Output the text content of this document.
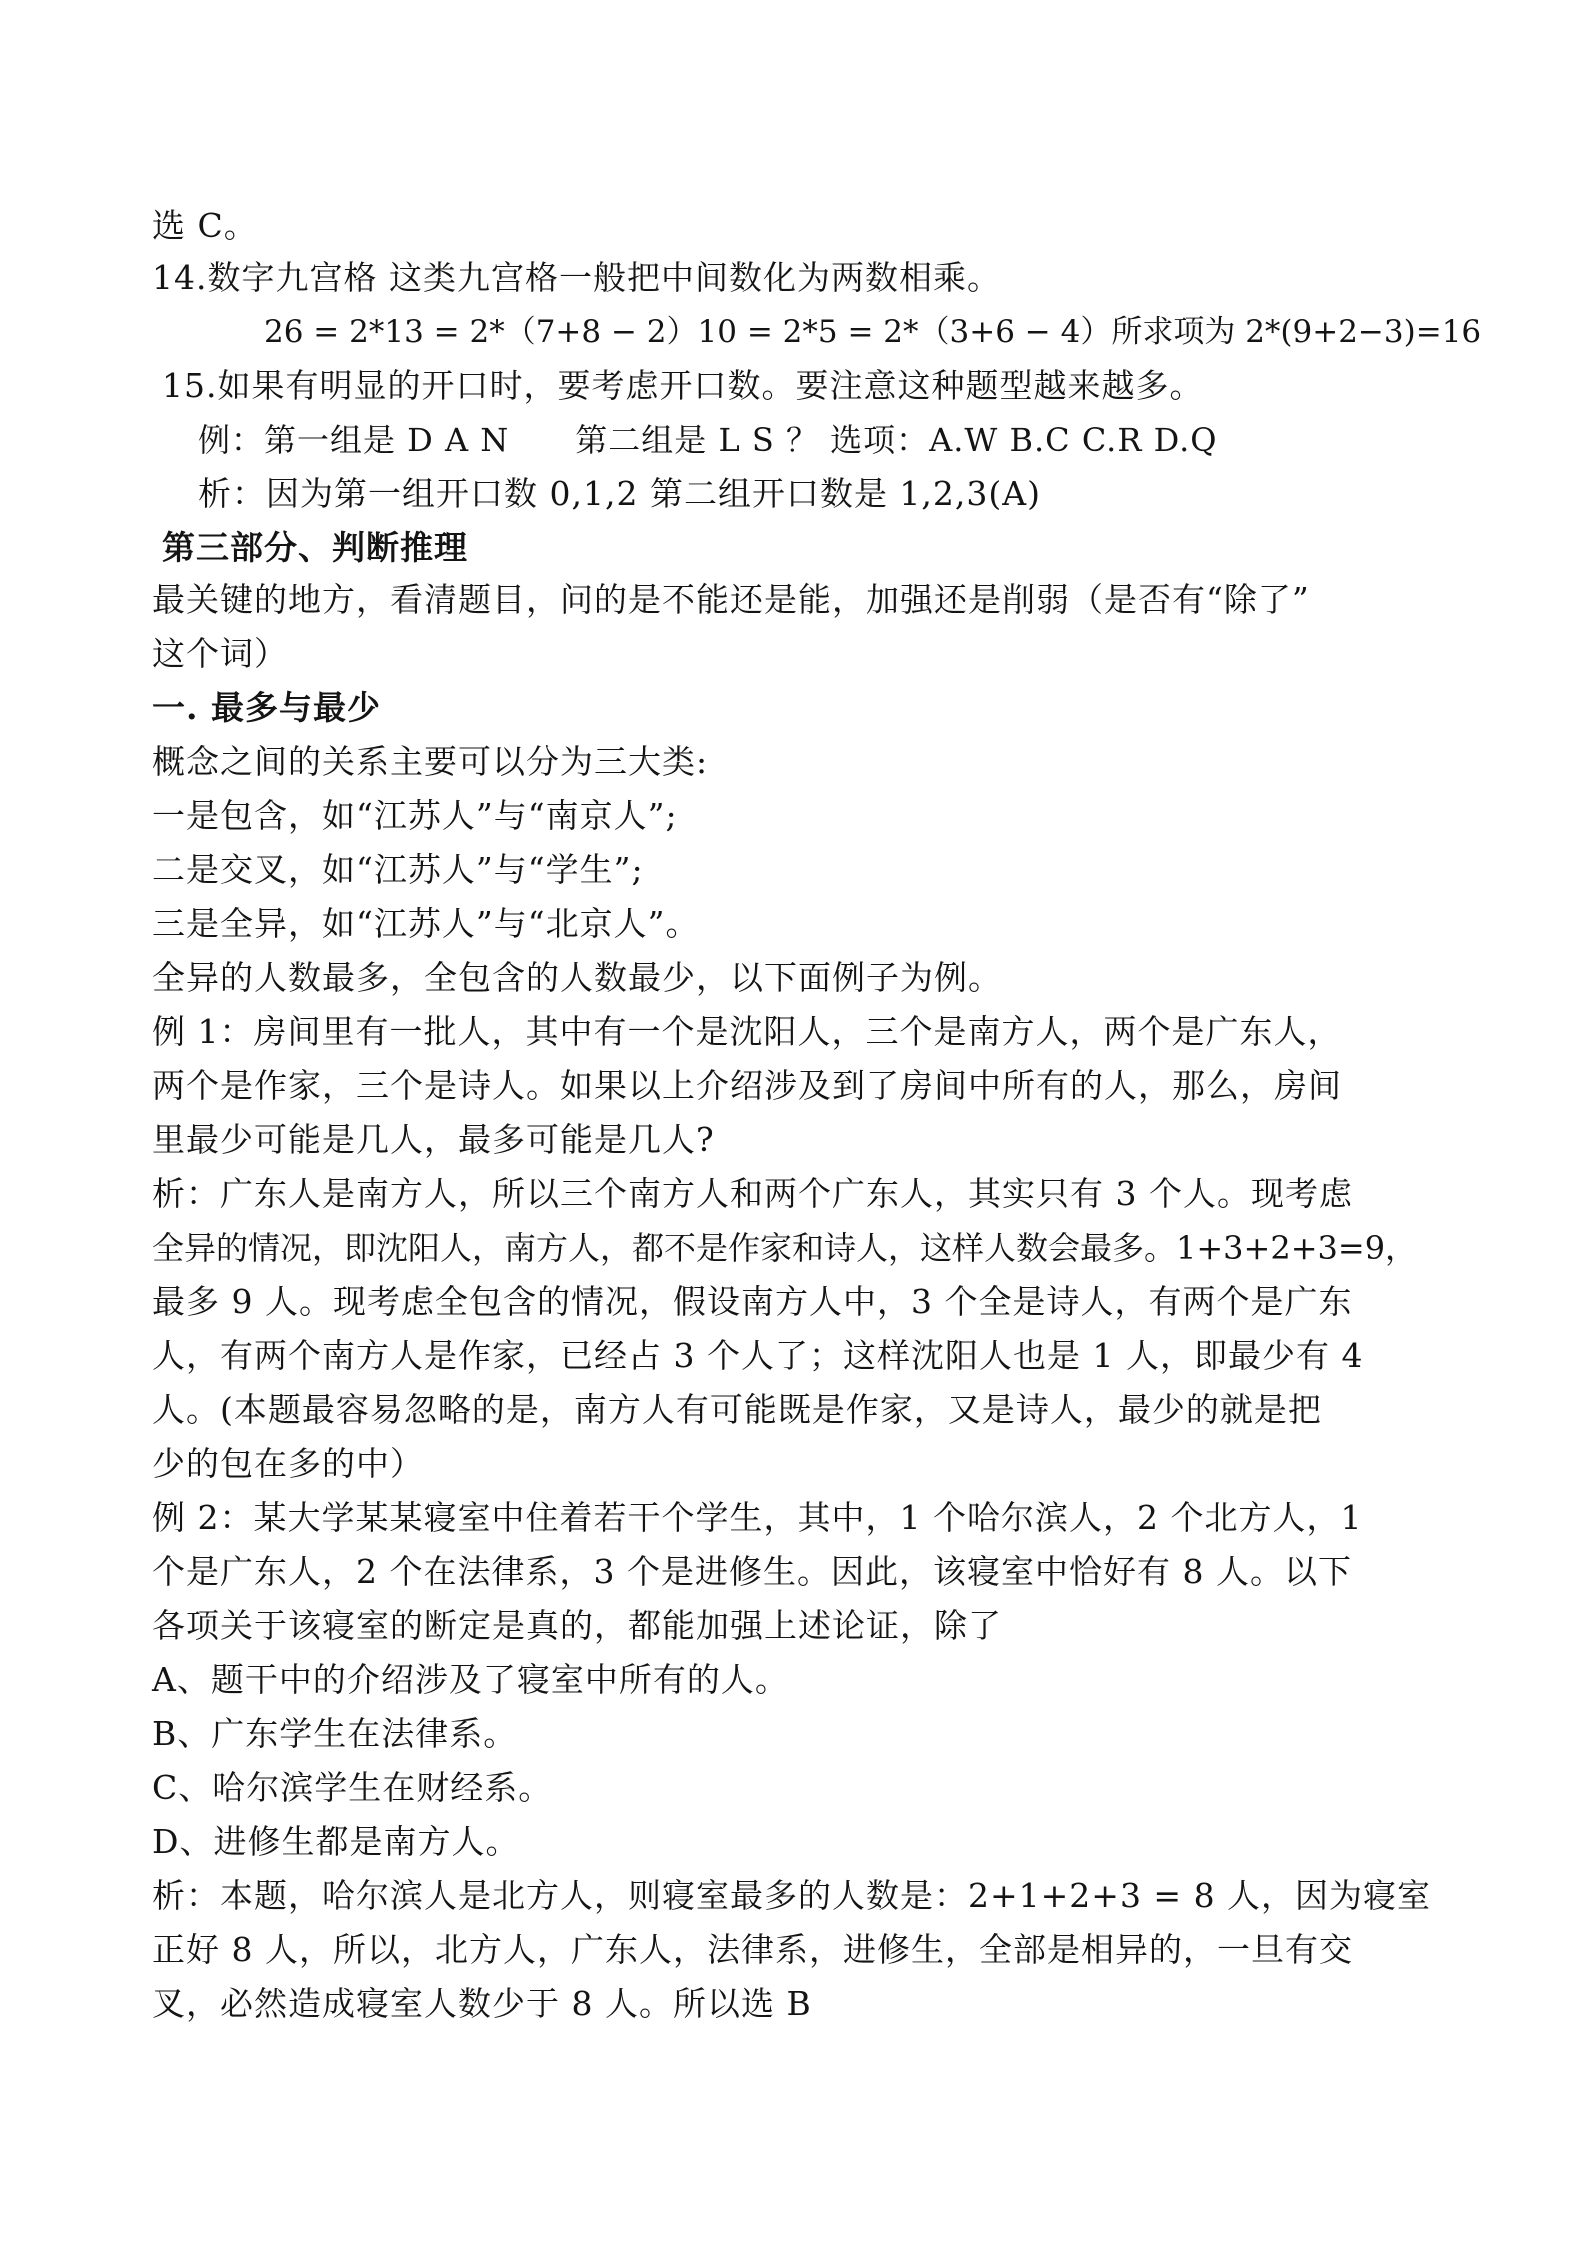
选 C。
14.数字九宫格 这类九宫格一般把中间数化为两数相乘。
26 = 2*13 = 2*（7+8 − 2）10 = 2*5 = 2*（3+6 − 4）所求项为 2*(9+2−3)=16
15.如果有明显的开口时，要考虑开口数。要注意这种题型越来越多。
例：第一组是 D A N　　第二组是 L S ？ 选项：A.W B.C C.R D.Q
析：因为第一组开口数 0,1,2 第二组开口数是 1,2,3(A)
第三部分、判断推理
最关键的地方，看清题目，问的是不能还是能，加强还是削弱（是否有“除了”
这个词）
一. 最多与最少
概念之间的关系主要可以分为三大类:
一是包含，如“江苏人”与“南京人”;
二是交叉，如“江苏人”与“学生”;
三是全异，如“江苏人”与“北京人”。
全异的人数最多，全包含的人数最少，以下面例子为例。
例 1：房间里有一批人，其中有一个是沈阳人，三个是南方人，两个是广东人，
两个是作家，三个是诗人。如果以上介绍涉及到了房间中所有的人，那么，房间
里最少可能是几人，最多可能是几人?
析：广东人是南方人，所以三个南方人和两个广东人，其实只有 3 个人。现考虑
全异的情况，即沈阳人，南方人，都不是作家和诗人，这样人数会最多。1+3+2+3=9，
最多 9 人。现考虑全包含的情况，假设南方人中，3 个全是诗人，有两个是广东
人，有两个南方人是作家，已经占 3 个人了；这样沈阳人也是 1 人，即最少有 4
人。(本题最容易忽略的是，南方人有可能既是作家，又是诗人，最少的就是把
少的包在多的中）
例 2：某大学某某寝室中住着若干个学生，其中，1 个哈尔滨人，2 个北方人，1
个是广东人，2 个在法律系，3 个是进修生。因此，该寝室中恰好有 8 人。以下
各项关于该寝室的断定是真的，都能加强上述论证，除了
A、题干中的介绍涉及了寝室中所有的人。
B、广东学生在法律系。
C、哈尔滨学生在财经系。
D、进修生都是南方人。
析：本题，哈尔滨人是北方人，则寝室最多的人数是：2+1+2+3 = 8 人，因为寝室
正好 8 人，所以，北方人，广东人，法律系，进修生，全部是相异的，一旦有交
叉，必然造成寝室人数少于 8 人。所以选 B
